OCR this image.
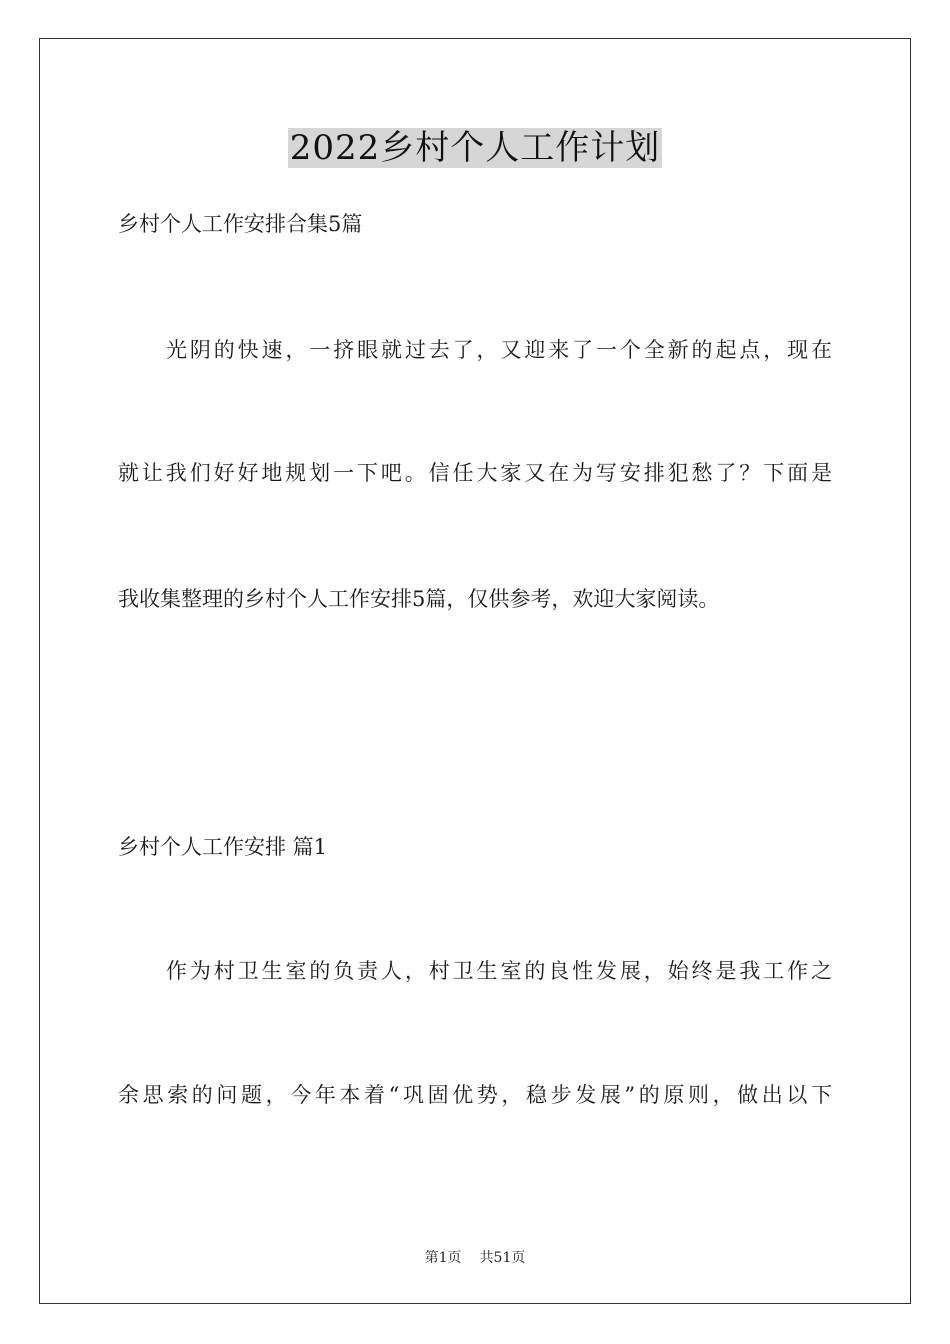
2022乡村个人工作计划
乡村个人工作安排合集5篇
光阴的快速，一挤眼就过去了，又迎来了一个全新的起点，现在
就让我们好好地规划一下吧。信任大家又在为写安排犯愁了？下面是
我收集整理的乡村个人工作安排5篇，仅供参考，欢迎大家阅读。
乡村个人工作安排 篇1
作为村卫生室的负责人，村卫生室的良性发展，始终是我工作之
余思索的问题，今年本着“巩固优势，稳步发展”的原则，做出以下
第1页 共51页
